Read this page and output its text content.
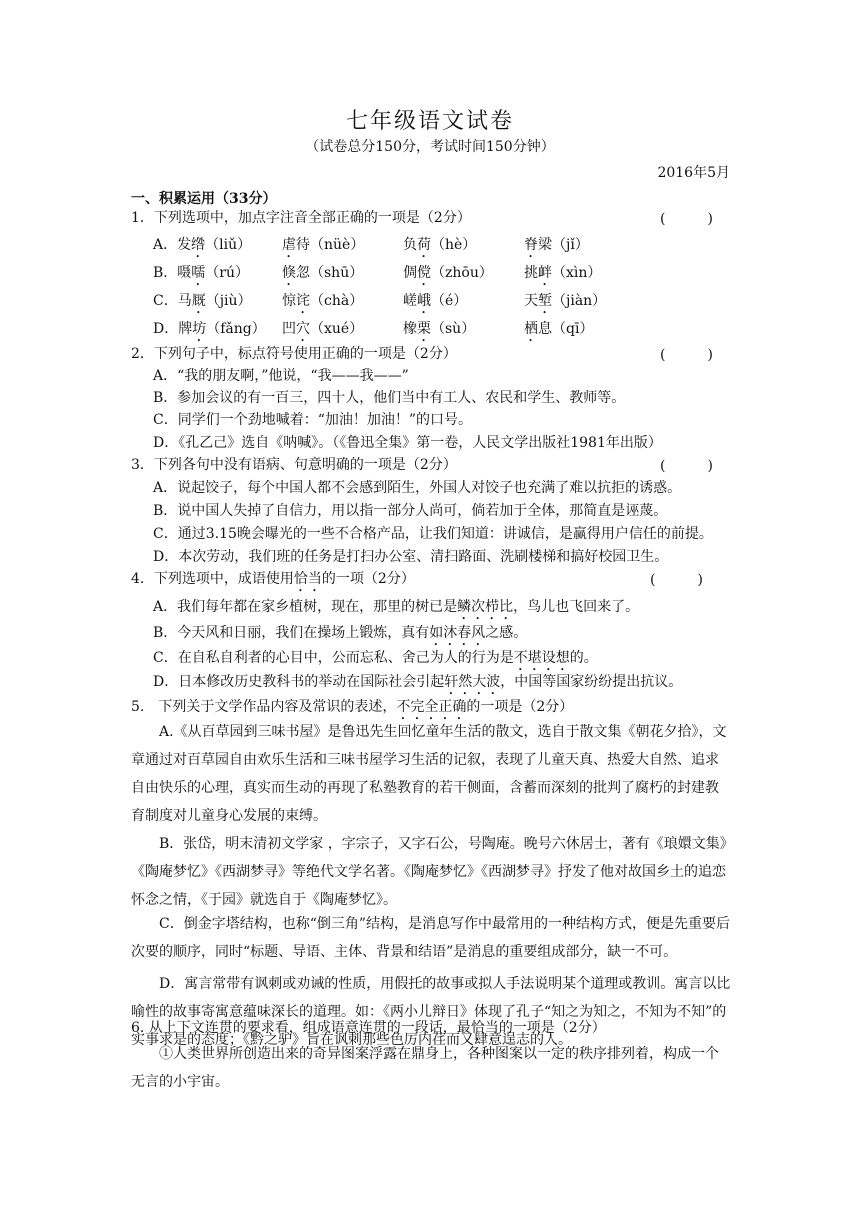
七年级语文试卷
（试卷总分150分，考试时间150分钟）
2016年5月
一、积累运用（33分）
1．下列选项中，加点字注音全部正确的一项是（2分）	(　　　)
A．发绺（liǔ） 虐待（nüè）	负荷（hè）	脊梁（jǐ）
B．嗫嚅（rú） 倏忽（shū）	倜傥（zhōu） 挑衅（xìn）
C．马厩（jiù） 惊诧（chà）	嵯峨（é）	天堑（jiàn）
D．牌坊（fǎng） 凹穴（xué）	橡栗（sù）	栖息（qī）
2．下列句子中，标点符号使用正确的一项是（2分）	(　　　)
A．“我的朋友啊，”他说，“我——我——”
B．参加会议的有一百三，四十人，他们当中有工人、农民和学生、教师等。
C．同学们一个劲地喊着：“加油！加油！”的口号。
D．《孔乙己》选自《呐喊》。（《鲁迅全集》第一卷，人民文学出版社1981年出版）
3．下列各句中没有语病、句意明确的一项是（2分）	(　　　)
A．说起饺子，每个中国人都不会感到陌生，外国人对饺子也充满了难以抗拒的诱惑。
B．说中国人失掉了自信力，用以指一部分人尚可，倘若加于全体，那简直是诬蔑。
C．通过3.15晚会曝光的一些不合格产品，让我们知道：讲诚信，是赢得用户信任的前提。
D．本次劳动，我们班的任务是打扫办公室、清扫路面、洗刷楼梯和搞好校园卫生。
4．下列选项中，成语使用恰当的一项（2分）	(　　　)
A．我们每年都在家乡植树，现在，那里的树已是鳞次栉比，鸟儿也飞回来了。
B．今天风和日丽，我们在操场上锻炼，真有如沐春风之感。
C．在自私自利者的心目中，公而忘私、舍己为人的行为是不堪设想的。
D．日本修改历史教科书的举动在国际社会引起轩然大波，中国等国家纷纷提出抗议。
5.　下列关于文学作品内容及常识的表述，不完全正确的一项是（2分）
A.《从百草园到三味书屋》是鲁迅先生回忆童年生活的散文，选自于散文集《朝花夕拾》，文章通过对百草园自由欢乐生活和三味书屋学习生活的记叙，表现了儿童天真、热爱大自然、追求自由快乐的心理，真实而生动的再现了私塾教育的若干侧面，含蓄而深刻的批判了腐朽的封建教育制度对儿童身心发展的束缚。
B．张岱，明末清初文学家 ，字宗子，又字石公，号陶庵。晚号六休居士，著有《琅嬛文集》《陶庵梦忆》《西湖梦寻》等绝代文学名著。《陶庵梦忆》《西湖梦寻》抒发了他对故国乡土的追恋怀念之情，《于园》就选自于《陶庵梦忆》。
C．倒金字塔结构，也称“倒三角”结构，是消息写作中最常用的一种结构方式，便是先重要后次要的顺序，同时“标题、导语、主体、背景和结语”是消息的重要组成部分，缺一不可。
D．寓言常带有讽刺或劝诫的性质，用假托的故事或拟人手法说明某个道理或教训。寓言以比喻性的故事寄寓意蕴味深长的道理。如：《两小儿辩日》体现了孔子“知之为知之，不知为不知”的实事求是的态度；《黔之驴》旨在讽刺那些色厉内荏而又肆意逞志的人。
6. 从上下文连贯的要求看，组成语意连贯的一段话，最恰当的一项是（2分）
①人类世界所创造出来的奇异图案浮露在鼎身上，各种图案以一定的秩序排列着，构成一个无言的小宇宙。
